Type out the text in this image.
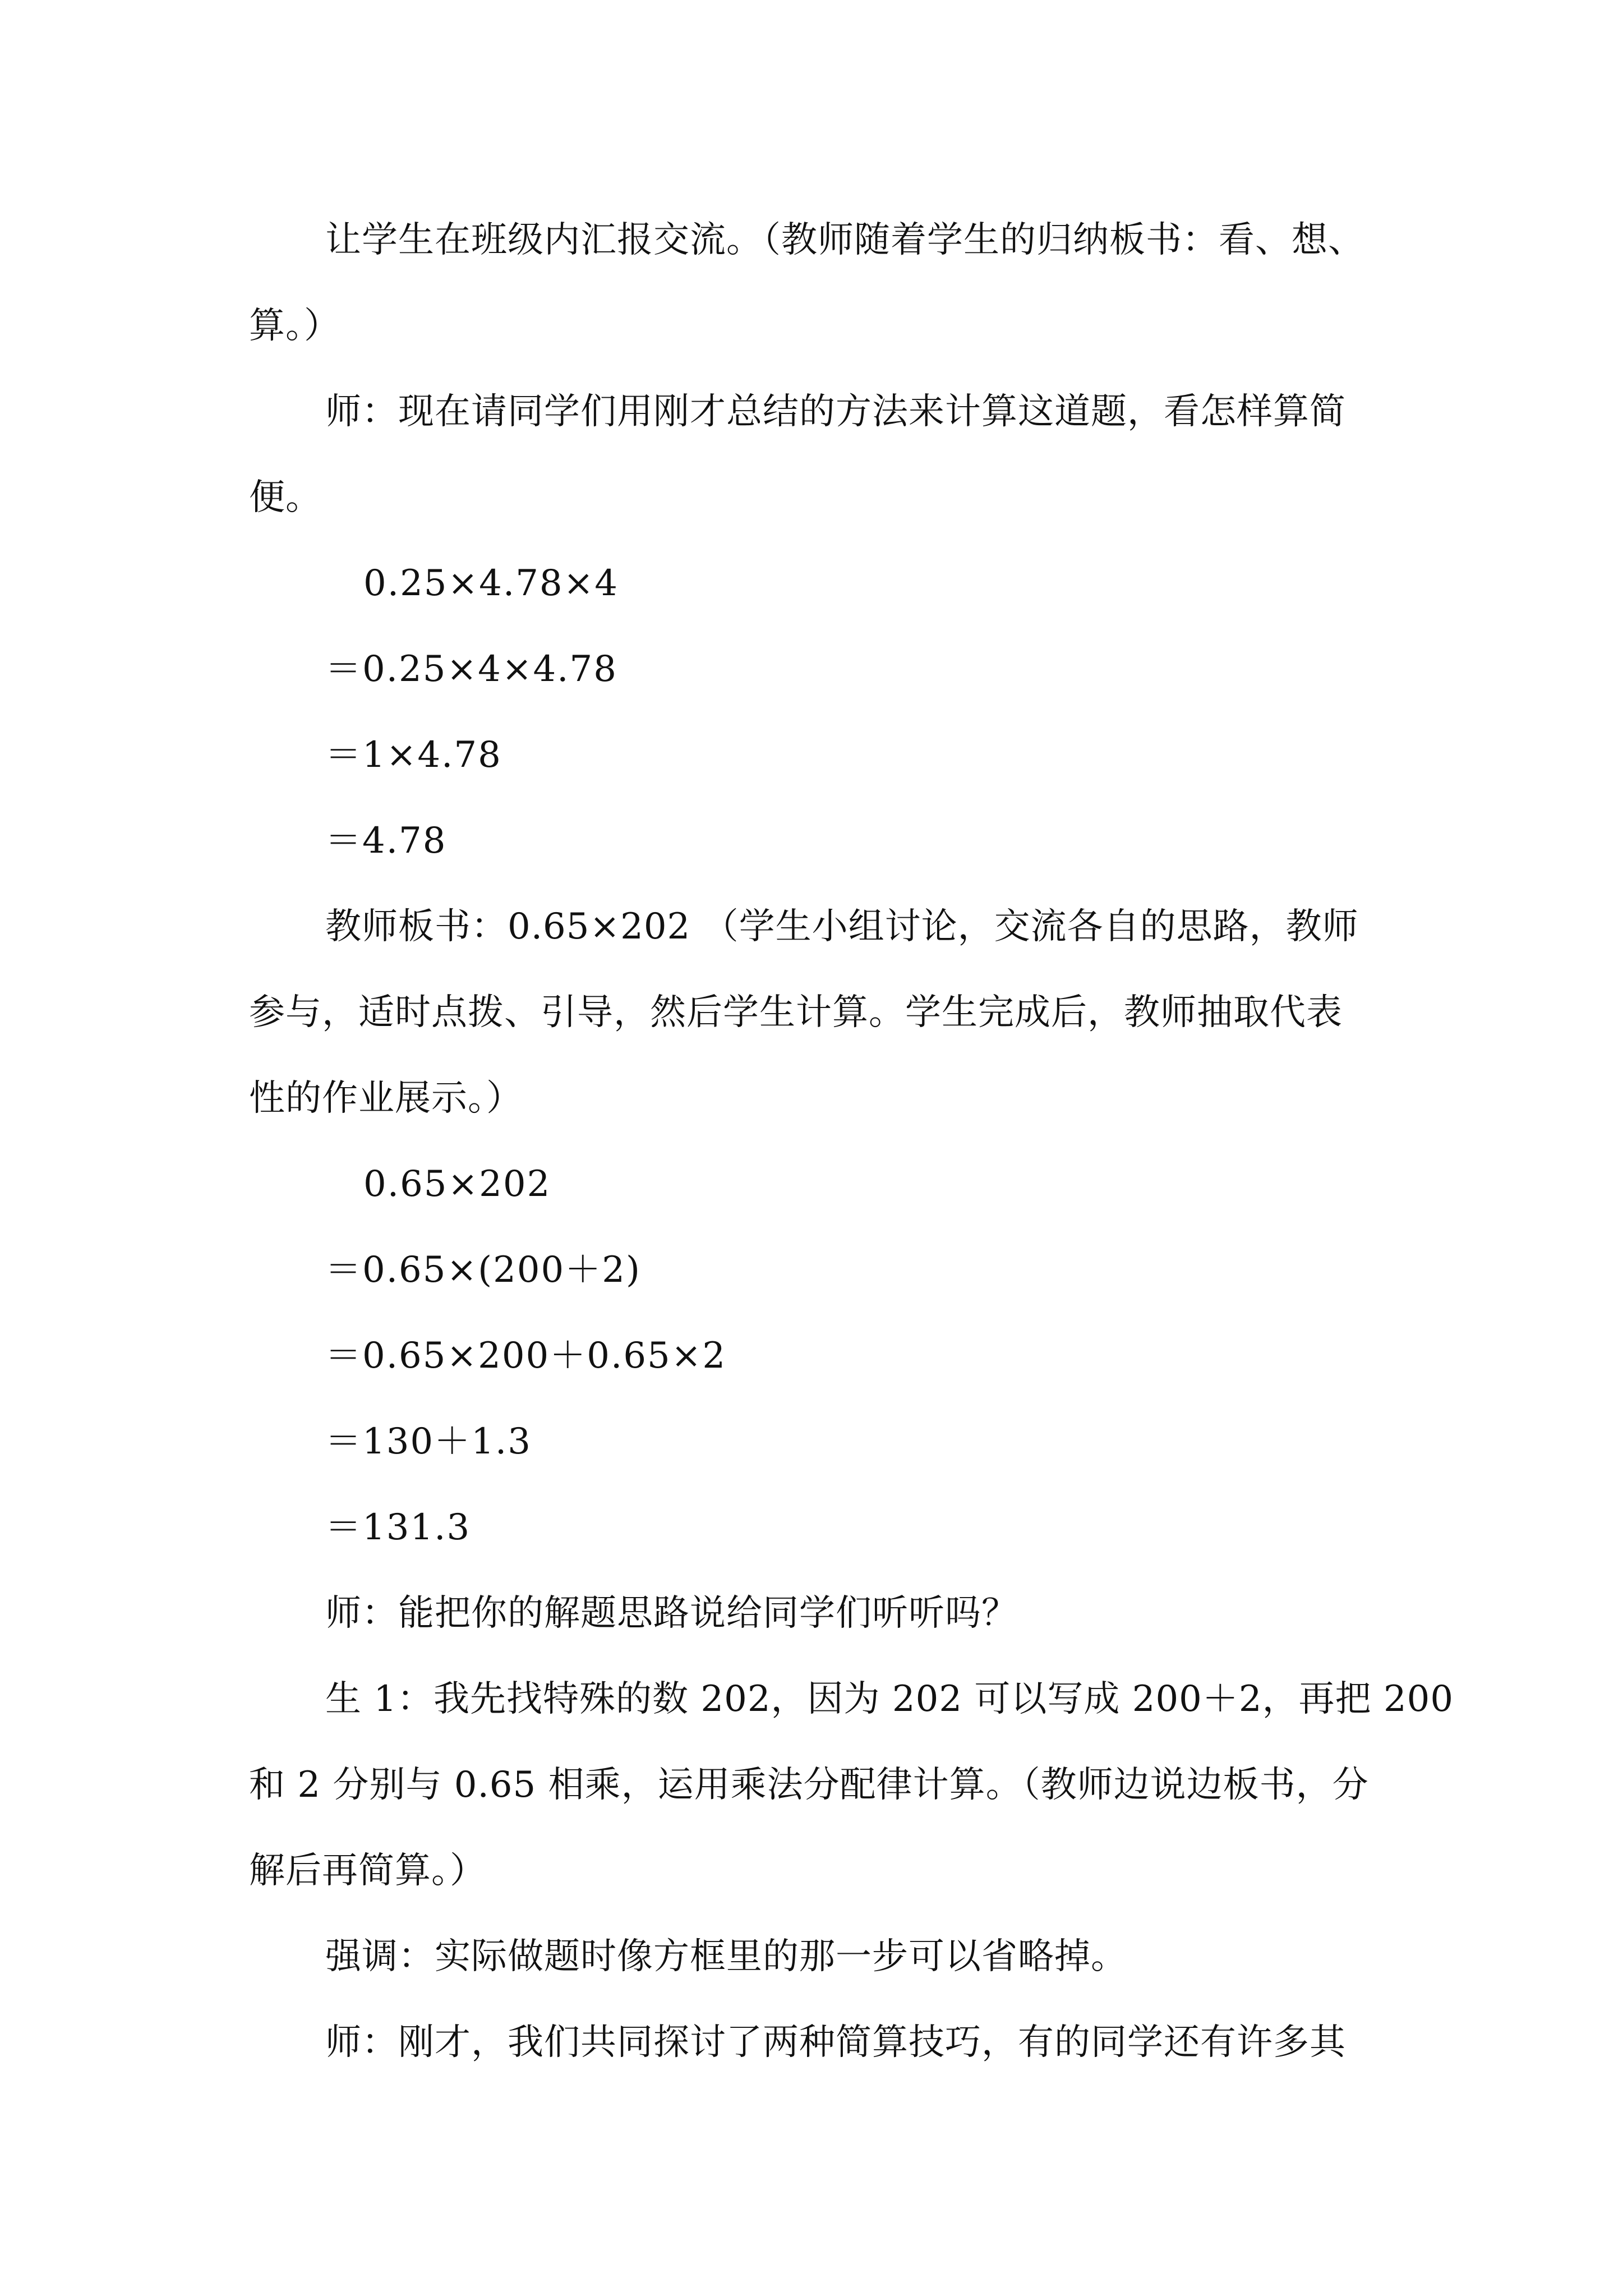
让学生在班级内汇报交流。（教师随着学生的归纳板书：看、想、
算。）
师：现在请同学们用刚才总结的方法来计算这道题，看怎样算简
便。
0.25×4.78×4
＝0.25×4×4.78
＝1×4.78
＝4.78
教师板书：0.65×202 （学生小组讨论，交流各自的思路，教师
参与，适时点拨、引导，然后学生计算。学生完成后，教师抽取代表
性的作业展示。）
0.65×202
＝0.65×(200＋2)
＝0.65×200＋0.65×2
＝130＋1.3
＝131.3
师：能把你的解题思路说给同学们听听吗？
生 1：我先找特殊的数 202，因为 202 可以写成 200＋2，再把 200
和 2 分别与 0.65 相乘，运用乘法分配律计算。（教师边说边板书，分
解后再简算。）
强调：实际做题时像方框里的那一步可以省略掉。
师：刚才，我们共同探讨了两种简算技巧，有的同学还有许多其
